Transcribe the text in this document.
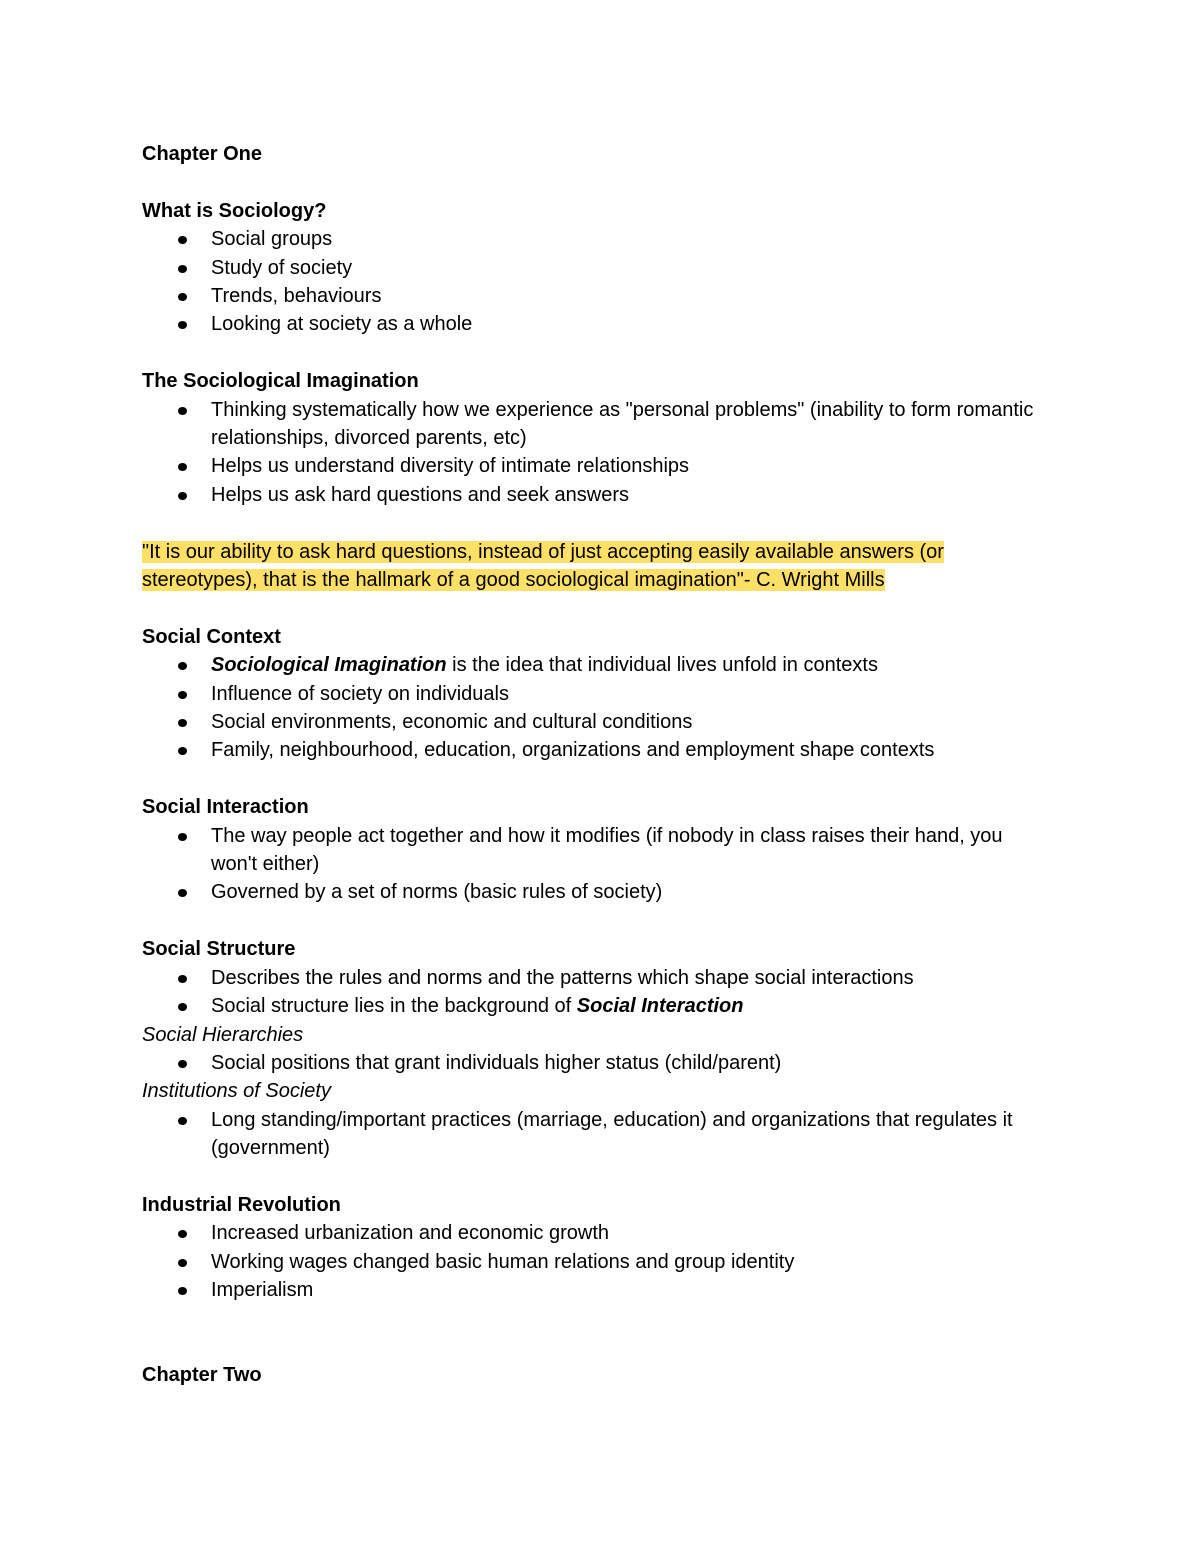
Chapter One

What is Sociology?

Social groups
Study of society
Trends, behaviours
Looking at society as a whole

The Sociological Imagination

Thinking systematically how we experience as "personal problems" (inability to form romantic relationships, divorced parents, etc)
Helps us understand diversity of intimate relationships
Helps us ask hard questions and seek answers

"It is our ability to ask hard questions, instead of just accepting easily available answers (or
stereotypes), that is the hallmark of a good sociological imagination"- C. Wright Mills

Social Context

Sociological Imagination is the idea that individual lives unfold in contexts
Influence of society on individuals
Social environments, economic and cultural conditions
Family, neighbourhood, education, organizations and employment shape contexts

Social Interaction

The way people act together and how it modifies (if nobody in class raises their hand, you won't either)
Governed by a set of norms (basic rules of society)

Social Structure

Describes the rules and norms and the patterns which shape social interactions
Social structure lies in the background of Social Interaction

Social Hierarchies

Social positions that grant individuals higher status (child/parent)

Institutions of Society

Long standing/important practices (marriage, education) and organizations that regulates it (government)

Industrial Revolution

Increased urbanization and economic growth
Working wages changed basic human relations and group identity
Imperialism

Chapter Two
